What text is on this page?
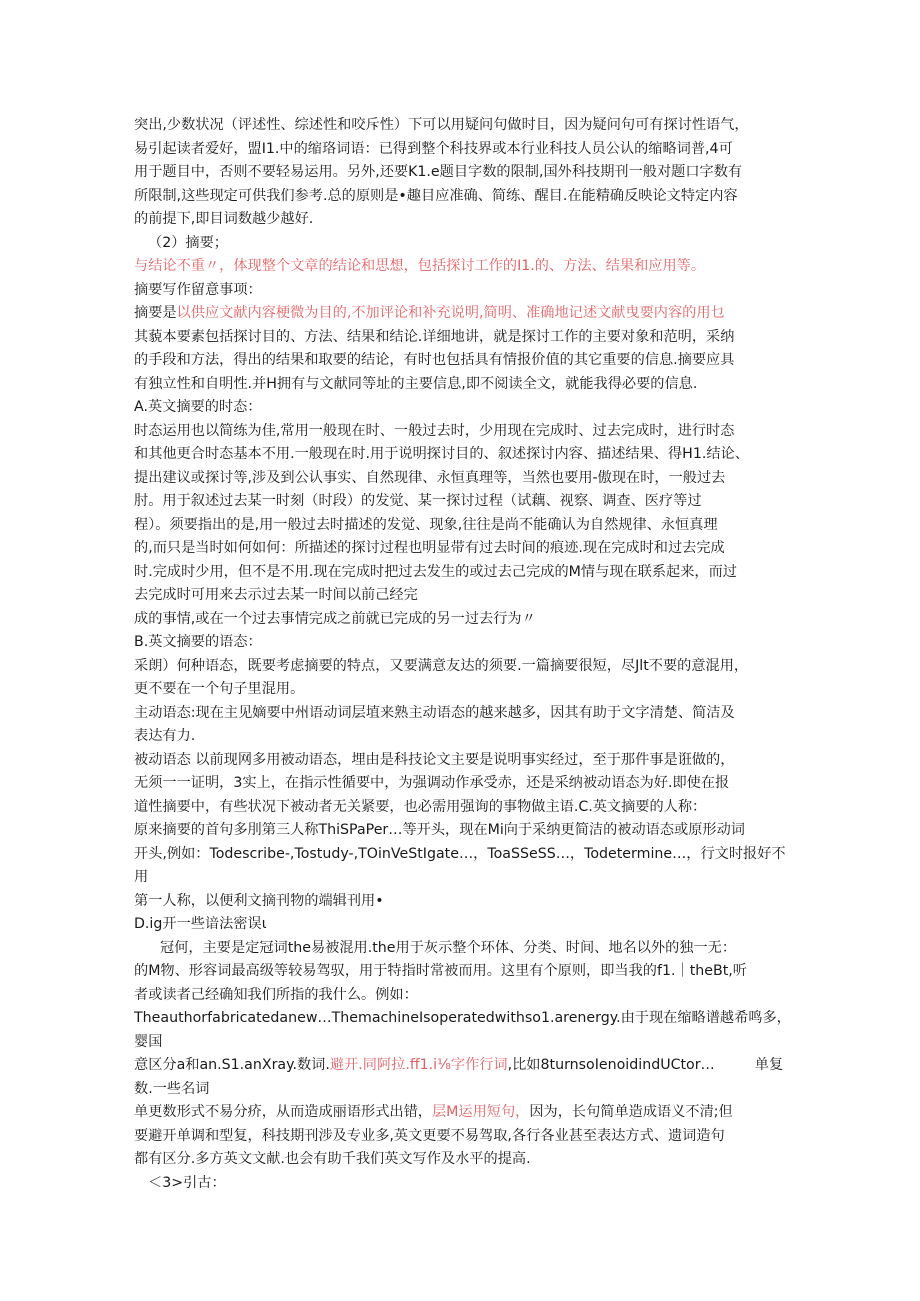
突出,少数状况（评述性、综述性和咬斥性）下可以用疑问句做时目，因为疑问句可有探讨性语气，

易引起读者爱好，盟I1.中的缩珞词语：已得到整个科技界或本行业科技人员公认的缩略词普,4可

用于题目中，否则不要轻易运用。另外,还要K1.e题目字数的限制,国外科技期刊一般对题口字数有

所限制,这些现定可供我们参考.总的原则是•趣目应准确、简练、醒目.在能精确反映论文特定内容

的前提下,即目词数越少越好.

（2）摘要；

与结论不重〃，体现整个文章的结论和思想，包括探讨工作的I1.的、方法、结果和应用等。

摘要写作留意事项：

摘要是以供应文献内容梗微为目的,不加评论和补充说明,简明、准确地记述文献曳要内容的用乜

其藐本要素包括探讨目的、方法、结果和结论.详细地讲，就是探讨工作的主要对象和范明，采纳

的手段和方法，得出的结果和取要的结论，有时也包括具有情报价值的其它重要的信息.摘要应具

有独立性和自明性.并H拥有与文献同等址的主要信息,即不阅读全文，就能我得必要的信息.

A.英文摘要的时态：

时态运用也以简练为佳,常用一般现在时、一般过去时，少用现在完成时、过去完成时，进行时态

和其他更合时态基本不用.一般现在时.用于说明探讨目的、叙述探讨内容、描述结果、得H1.结论、

提出建议或探讨等,涉及到公认事实、自然现律、永恒真理等，当然也要用-傲现在时，一般过去

肘。用于叙述过去某一时刻（时段）的发觉、某一探讨过程（试藕、视察、调查、医疗等过

程）。须要指出的是,用一般过去时描述的发觉、现象,往往是尚不能确认为自然规律、永恒真理

的,而只是当时如何如何：所描述的探讨过程也明显带有过去时间的痕迹.现在完成时和过去完成

时.完成时少用，但不是不用.现在完成时把过去发生的或过去己完成的M情与现在联系起来，而过

去完成时可用来去示过去某一时间以前己经完

成的事情,或在一个过去事情完成之前就已完成的另一过去行为〃

B.英文摘要的语态：

采朗）何种语态，既要考虑摘要的特点，又要满意友达的须要.一篇摘要很短，尽Jlt不要的意混用，

更不要在一个句子里混用。

主动语态:现在主见嫡要中州语动词层埴来熟主动语态的越来越多，因其有助于文字清楚、简洁及

表达有力.

被动语态 以前现网多用被动语态，埋由是科技论文主要是说明事实经过，至于那件事是诳做的，

无须一一证明，3实上，在指示性循要中，为强调动作承受赤，还是采纳被动语态为好.即使在报

道性摘要中，有些状况下被动者无关紧要，也必需用强询的事物做主语.C.英文摘要的人称：

原来摘要的首句多刖第三人称ThiSPaPer…等开头，现在Mi向于采纳更简洁的被动语态或原形动词

开头,例如：Todescribe-,Tostudy-,TOinVeStIgate…，ToaSSeSS…，Todetermine…，行文时报好不用

第一人称，以便利文摘刊物的端辑刊用•

D.ig开一些谙法密误ι

冠何，主要是定冠词the易被混用.the用于灰示整个环体、分类、时间、地名以外的独一无：

的M物、形容词最高级等较易驾驭，用于特指时常被而用。这里有个原则，即当我的f1.｜theBt,听

者或读者己经确知我们所指的我什么。例如：

Theauthorfabricatedanew…ThemachineIsoperatedwithso1.arenergy.由于现在缩略谱越希鸣多，婴国

意区分a和an.S1.anXray.数词.避开.同阿拉.ff1.i⅛字作行词,比如8turnsoIenoidindUCtor…	单复

数.一些名词

单更数形式不易分疥，从而造成丽语形式出错，层M运用短句，因为，长句简单造成语义不清;但

要避开单调和型复，科技期刊涉及专业多,英文更要不易驾取,各行各业甚至表达方式、遗词造句

都有区分.多方英文文献.也会有助千我们英文写作及水平的提高.

＜3>引古：
